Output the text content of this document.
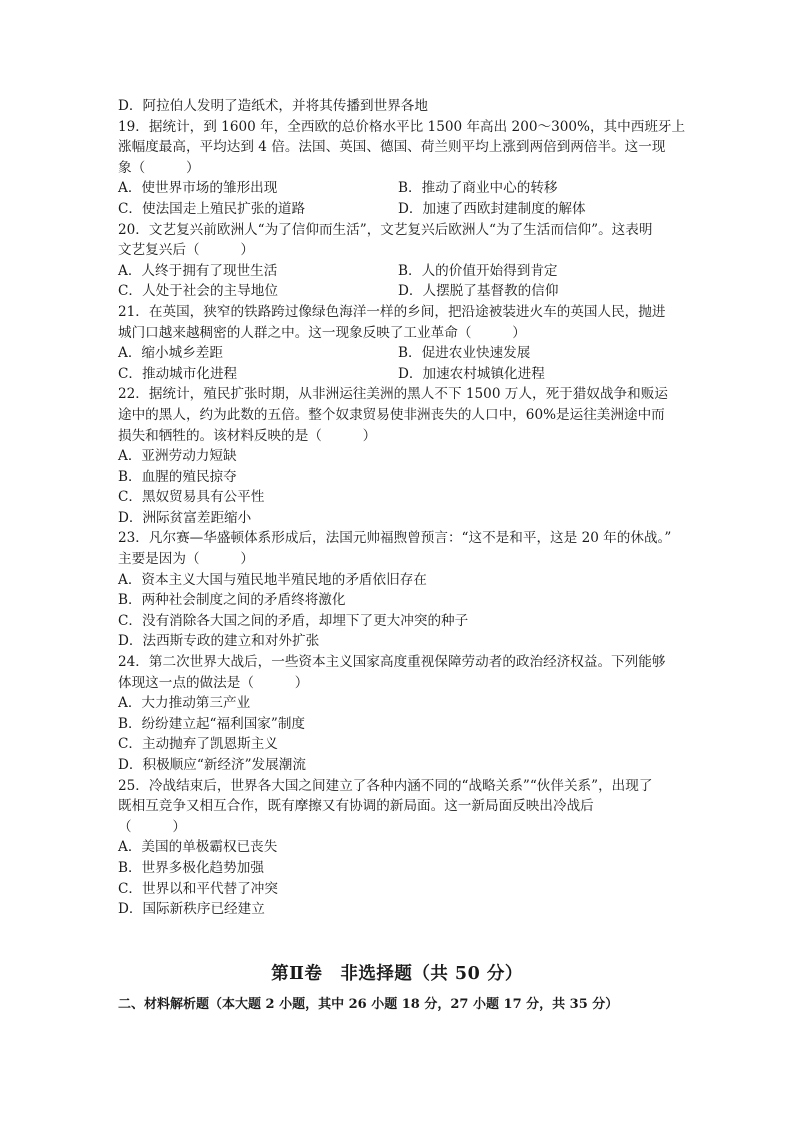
D．阿拉伯人发明了造纸术，并将其传播到世界各地
19．据统计，到 1600 年，全西欧的总价格水平比 1500 年高出 200～300%，其中西班牙上
涨幅度最高，平均达到 4 倍。法国、英国、德国、荷兰则平均上涨到两倍到两倍半。这一现
象（　　　）
A．使世界市场的雏形出现	B．推动了商业中心的转移
C．使法国走上殖民扩张的道路	D．加速了西欧封建制度的解体
20．文艺复兴前欧洲人“为了信仰而生活”，文艺复兴后欧洲人“为了生活而信仰”。这表明
文艺复兴后（　　　）
A．人终于拥有了现世生活	B．人的价值开始得到肯定
C．人处于社会的主导地位	D．人摆脱了基督教的信仰
21．在英国，狭窄的铁路跨过像绿色海洋一样的乡间，把沿途被装进火车的英国人民，抛进
城门口越来越稠密的人群之中。这一现象反映了工业革命（　　　）
A．缩小城乡差距	B．促进农业快速发展
C．推动城市化进程	D．加速农村城镇化进程
22．据统计，殖民扩张时期，从非洲运往美洲的黑人不下 1500 万人，死于猎奴战争和贩运
途中的黑人，约为此数的五倍。整个奴隶贸易使非洲丧失的人口中，60%是运往美洲途中而
损失和牺牲的。该材料反映的是（　　　）
A．亚洲劳动力短缺
B．血腥的殖民掠夺
C．黑奴贸易具有公平性
D．洲际贫富差距缩小
23．凡尔赛—华盛顿体系形成后，法国元帅福煦曾预言：“这不是和平，这是 20 年的休战。”
主要是因为（　　　）
A．资本主义大国与殖民地半殖民地的矛盾依旧存在
B．两种社会制度之间的矛盾终将激化
C．没有消除各大国之间的矛盾，却埋下了更大冲突的种子
D．法西斯专政的建立和对外扩张
24．第二次世界大战后，一些资本主义国家高度重视保障劳动者的政治经济权益。下列能够
体现这一点的做法是（　　　）
A．大力推动第三产业
B．纷纷建立起“福利国家”制度
C．主动抛弃了凯恩斯主义
D．积极顺应“新经济”发展潮流
25．冷战结束后，世界各大国之间建立了各种内涵不同的“战略关系”“伙伴关系”，出现了
既相互竞争又相互合作，既有摩擦又有协调的新局面。这一新局面反映出冷战后
（　　　）
A．美国的单极霸权已丧失
B．世界多极化趋势加强
C．世界以和平代替了冲突
D．国际新秩序已经建立
第Ⅱ卷　非选择题（共 50 分）
二、材料解析题（本大题 2 小题，其中 26 小题 18 分，27 小题 17 分，共 35 分）
